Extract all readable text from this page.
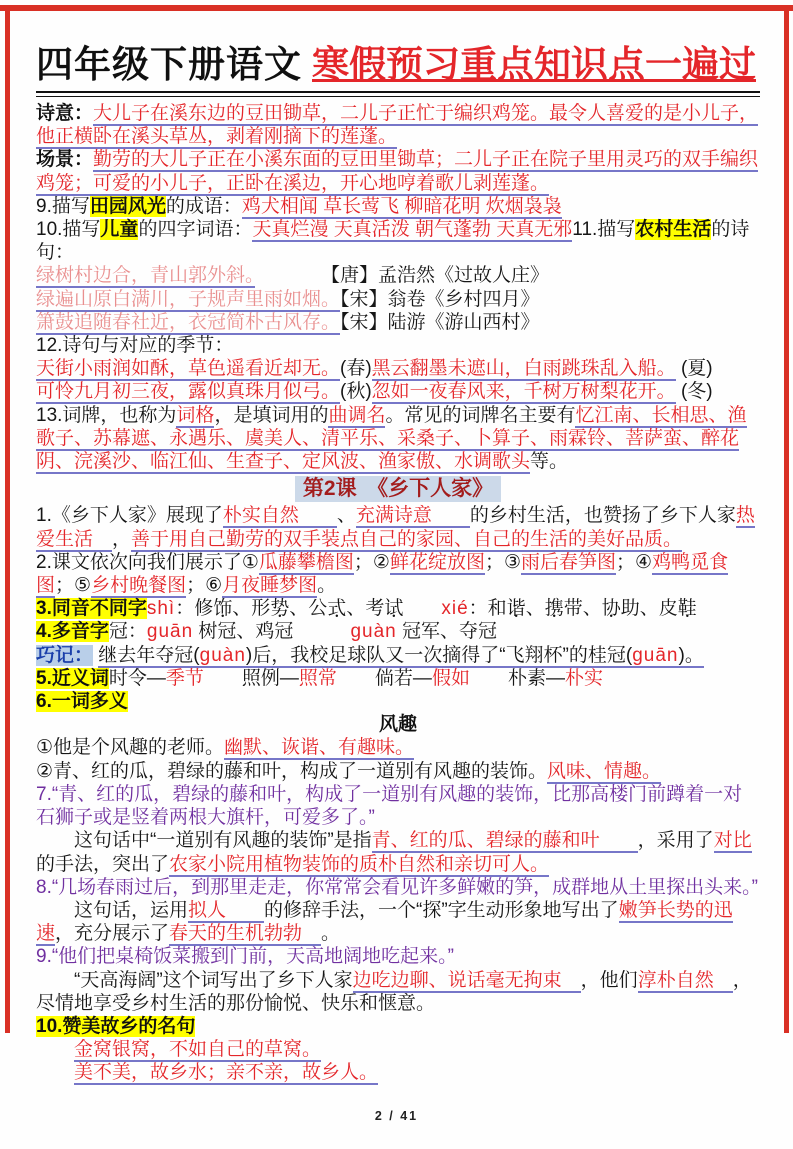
四年级下册语文 寒假预习重点知识点一遍过
诗意：大儿子在溪东边的豆田锄草，二儿子正忙于编织鸡笼。最令人喜爱的是小儿子，他正横卧在溪头草丛，剥着刚摘下的莲蓬。
场景：勤劳的大儿子正在小溪东面的豆田里锄草；二儿子正在院子里用灵巧的双手编织鸡笼；可爱的小儿子，正卧在溪边，开心地哼着歌儿剥莲蓬。
9.描写田园风光的成语：鸡犬相闻 草长莺飞 柳暗花明 炊烟袅袅
10.描写儿童的四字词语：天真烂漫 天真活泼 朝气蓬勃 天真无邪11.描写农村生活的诗句：
绿树村边合，青山郭外斜。　　　　	【唐】孟浩然《过故人庄》
绿遍山原白满川，子规声里雨如烟。【宋】翁卷《乡村四月》
箫鼓追随春社近，衣冠简朴古风存。【宋】陆游《游山西村》
12.诗句与对应的季节：
天街小雨润如酥，草色遥看近却无。(春)黑云翻墨未遮山，白雨跳珠乱入船。 (夏)
可怜九月初三夜，露似真珠月似弓。(秋)忽如一夜春风来，千树万树梨花开。 (冬)
13.词牌，也称为词格，是填词用的曲调名。常见的词牌名主要有忆江南、长相思、渔歌子、苏幕遮、永遇乐、虞美人、清平乐、采桑子、卜算子、雨霖铃、菩萨蛮、醉花阴、浣溪沙、临江仙、生查子、定风波、渔家傲、水调歌头等。
第2课　《乡下人家》
1.《乡下人家》展现了朴实自然　　、充满诗意　　的乡村生活，也赞扬了乡下人家热爱生活　，善于用自己勤劳的双手装点自己的家园、自己的生活的美好品质。
2.课文依次向我们展示了①瓜藤攀檐图；②鲜花绽放图；③雨后春笋图；④鸡鸭觅食图；⑤乡村晚餐图；⑥月夜睡梦图。
3.同音不同字shì：修饰、形势、公式、考试　　 xié：和谐、携带、协助、皮鞋
4.多音字冠：guān 树冠、鸡冠　　　guàn 冠军、夺冠
巧记： 继去年夺冠(guàn)后，我校足球队又一次摘得了“飞翔杯”的桂冠(guān)。
5.近义词时令—季节　　照例—照常　　倘若—假如　　朴素—朴实
6.一词多义
风趣
①他是个风趣的老师。幽默、诙谐、有趣味。
②青、红的瓜，碧绿的藤和叶，构成了一道别有风趣的装饰。风味、情趣。
7.“青、红的瓜，碧绿的藤和叶，构成了一道别有风趣的装饰，比那高楼门前蹲着一对石狮子或是竖着两根大旗杆，可爱多了。”
这句话中“一道别有风趣的装饰”是指青、红的瓜、碧绿的藤和叶　　，采用了对比的手法，突出了农家小院用植物装饰的质朴自然和亲切可人。
8.“几场春雨过后，到那里走走，你常常会看见许多鲜嫩的笋，成群地从土里探出头来。”
这句话，运用拟人　　的修辞手法，一个“探”字生动形象地写出了嫩笋长势的迅速，充分展示了春天的生机勃勃　。
9.“他们把桌椅饭菜搬到门前，天高地阔地吃起来。”
“天高海阔”这个词写出了乡下人家边吃边聊、说话毫无拘束　，他们淳朴自然　，尽情地享受乡村生活的那份愉悦、快乐和惬意。
10.赞美故乡的名句
金窝银窝，不如自己的草窝。
美不美，故乡水；亲不亲，故乡人。
2 / 41
